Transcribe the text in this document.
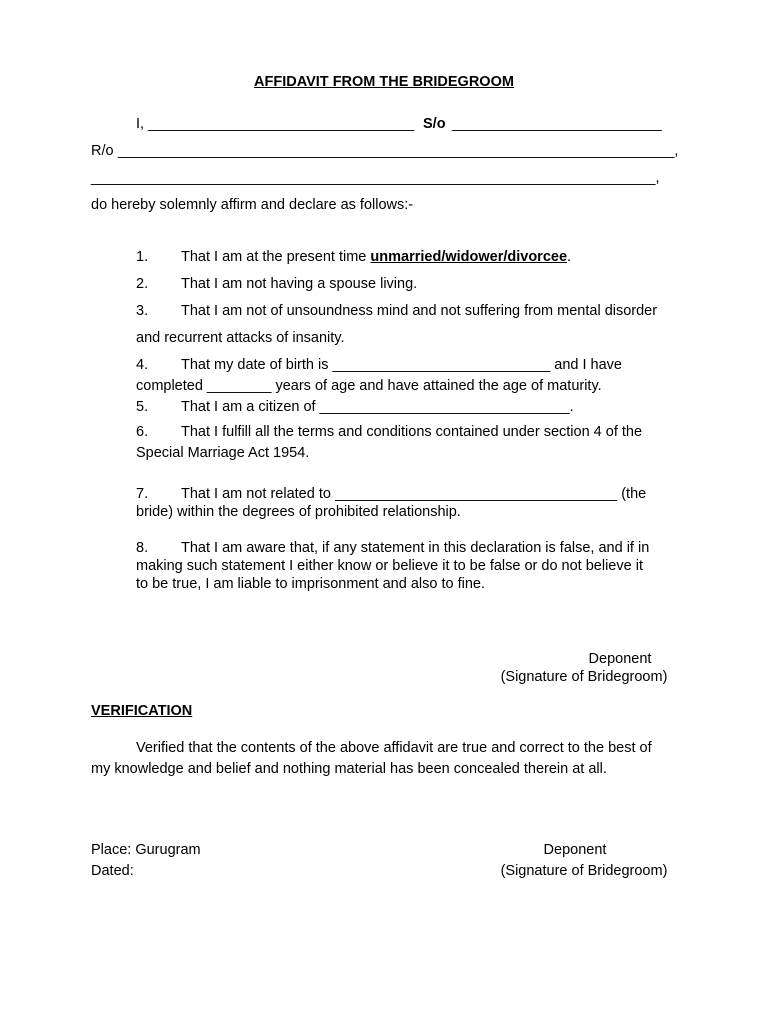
AFFIDAVIT FROM THE BRIDEGROOM

I, _________________________________ S/o __________________________

R/o _____________________________________________________________________,

______________________________________________________________________,

do hereby solemnly affirm and declare as follows:-

1. That I am at the present time unmarried/widower/divorcee.
2. That I am not having a spouse living.
3. That I am not of unsoundness mind and not suffering from mental disorder

and recurrent attacks of insanity.

4. That my date of birth is ___________________________ and I have

completed ________ years of age and have attained the age of maturity.

5. That I am a citizen of _______________________________.
6. That I fulfill all the terms and conditions contained under section 4 of the

Special Marriage Act 1954.

7. That I am not related to ___________________________________ (the

bride) within the degrees of prohibited relationship.

8. That I am aware that, if any statement in this declaration is false, and if in

making such statement I either know or believe it to be false or do not believe it

to be true, I am liable to imprisonment and also to fine.

Deponent

(Signature of Bridegroom)

VERIFICATION

Verified that the contents of the above affidavit are true and correct to the best of

my knowledge and belief and nothing material has been concealed therein at all.

Place: Gurugram

Dated:

Deponent

(Signature of Bridegroom)
